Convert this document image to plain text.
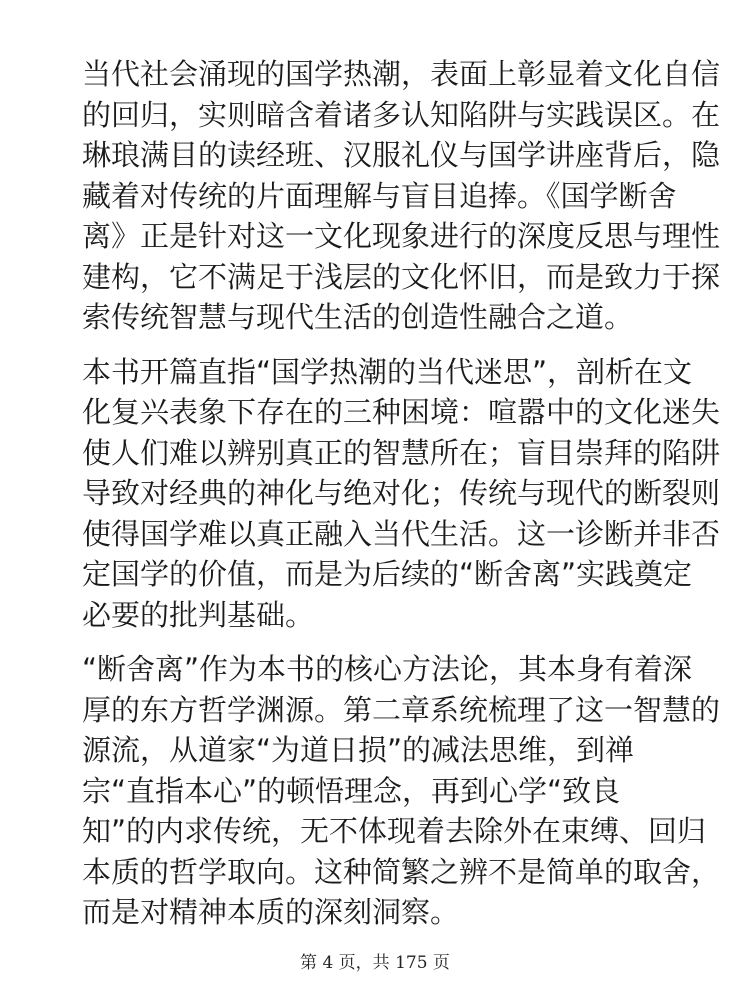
当代社会涌现的国学热潮，表面上彰显着文化自信
的回归，实则暗含着诸多认知陷阱与实践误区。在
琳琅满目的读经班、汉服礼仪与国学讲座背后，隐
藏着对传统的片面理解与盲目追捧。《国学断舍
离》正是针对这一文化现象进行的深度反思与理性
建构，它不满足于浅层的文化怀旧，而是致力于探
索传统智慧与现代生活的创造性融合之道。

本书开篇直指“国学热潮的当代迷思”，剖析在文
化复兴表象下存在的三种困境：喧嚣中的文化迷失
使人们难以辨别真正的智慧所在；盲目崇拜的陷阱
导致对经典的神化与绝对化；传统与现代的断裂则
使得国学难以真正融入当代生活。这一诊断并非否
定国学的价值，而是为后续的“断舍离”实践奠定
必要的批判基础。

“断舍离”作为本书的核心方法论，其本身有着深
厚的东方哲学渊源。第二章系统梳理了这一智慧的
源流，从道家“为道日损”的减法思维，到禅
宗“直指本心”的顿悟理念，再到心学“致良
知”的内求传统，无不体现着去除外在束缚、回归
本质的哲学取向。这种简繁之辨不是简单的取舍，
而是对精神本质的深刻洞察。

第 4 页，共 175 页
